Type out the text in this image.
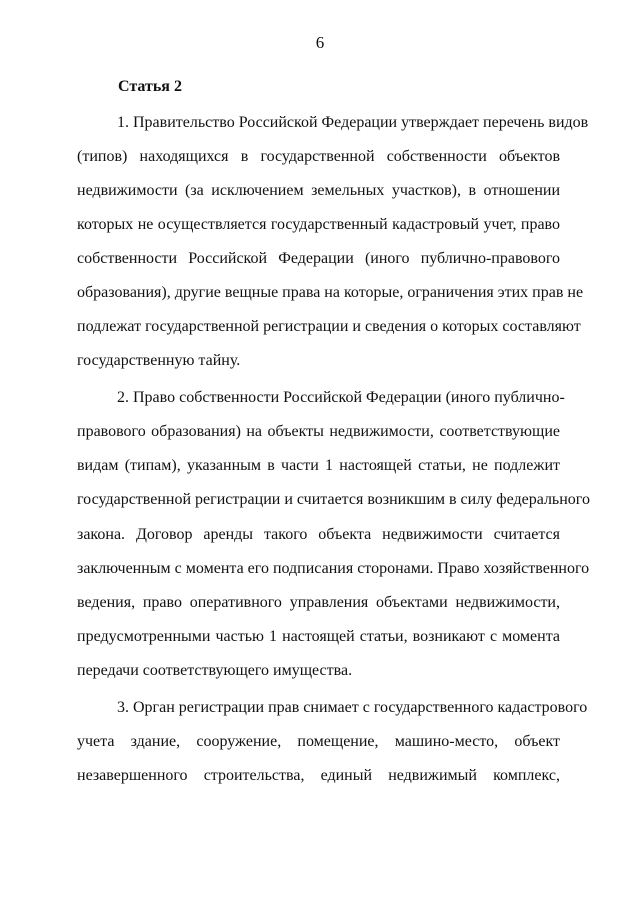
6
Статья 2
1. Правительство Российской Федерации утверждает перечень видов
(типов) находящихся в государственной собственности объектов
недвижимости (за исключением земельных участков), в отношении
которых не осуществляется государственный кадастровый учет, право
собственности Российской Федерации (иного публично-правового
образования), другие вещные права на которые, ограничения этих прав не
подлежат государственной регистрации и сведения о которых составляют
государственную тайну.
2. Право собственности Российской Федерации (иного публично-
правового образования) на объекты недвижимости, соответствующие
видам (типам), указанным в части 1 настоящей статьи, не подлежит
государственной регистрации и считается возникшим в силу федерального
закона. Договор аренды такого объекта недвижимости считается
заключенным с момента его подписания сторонами. Право хозяйственного
ведения, право оперативного управления объектами недвижимости,
предусмотренными частью 1 настоящей статьи, возникают с момента
передачи соответствующего имущества.
3. Орган регистрации прав снимает с государственного кадастрового
учета здание, сооружение, помещение, машино-место, объект
незавершенного строительства, единый недвижимый комплекс,
